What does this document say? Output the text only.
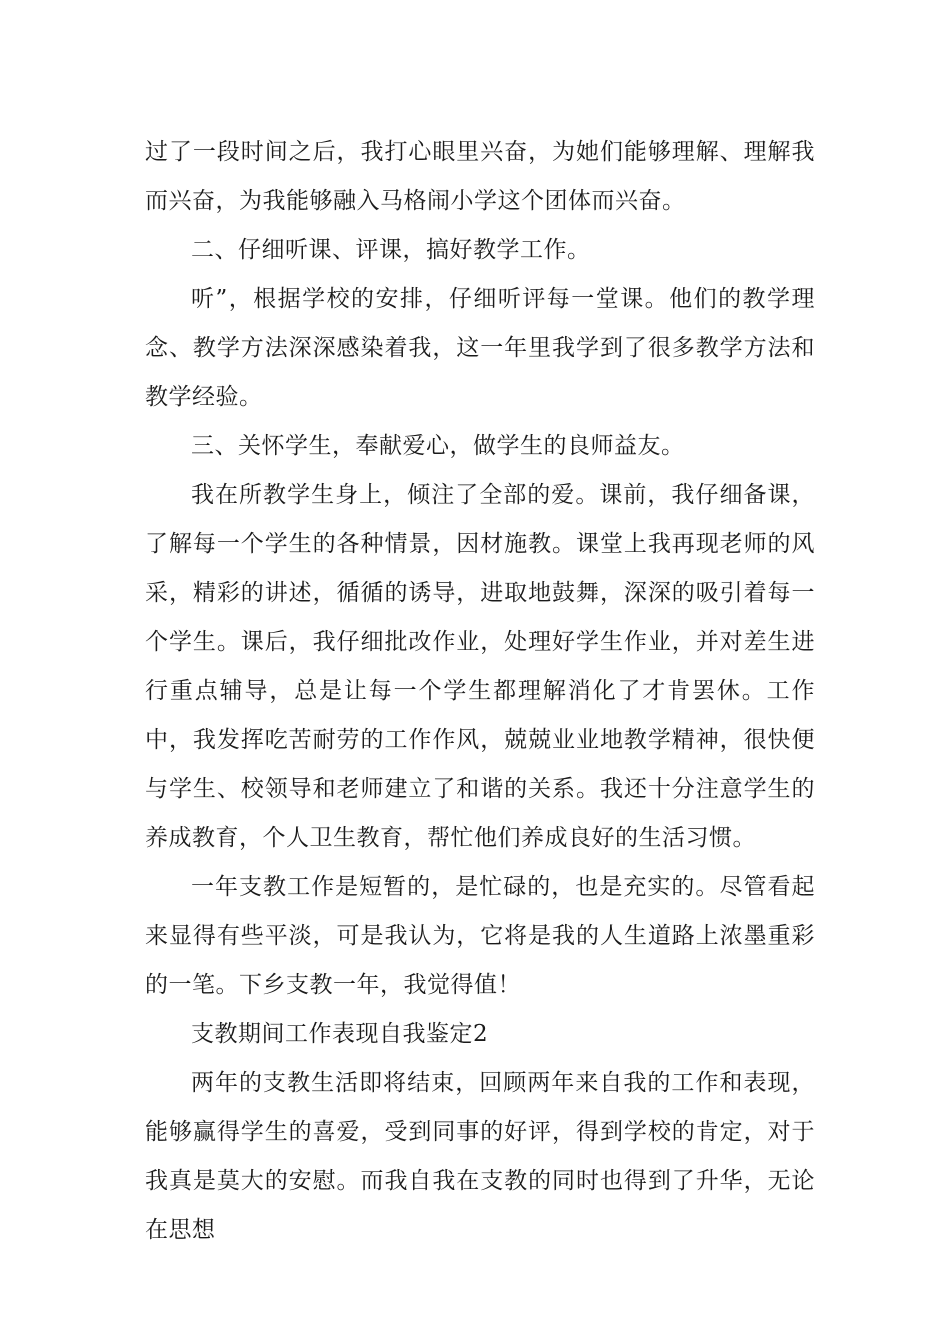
过了一段时间之后，我打心眼里兴奋，为她们能够理解、理解我而兴奋，为我能够融入马格闹小学这个团体而兴奋。

二、仔细听课、评课，搞好教学工作。

听”，根据学校的安排，仔细听评每一堂课。他们的教学理念、教学方法深深感染着我，这一年里我学到了很多教学方法和教学经验。

三、关怀学生，奉献爱心，做学生的良师益友。

我在所教学生身上，倾注了全部的爱。课前，我仔细备课，了解每一个学生的各种情景，因材施教。课堂上我再现老师的风采，精彩的讲述，循循的诱导，进取地鼓舞，深深的吸引着每一个学生。课后，我仔细批改作业，处理好学生作业，并对差生进行重点辅导，总是让每一个学生都理解消化了才肯罢休。工作中，我发挥吃苦耐劳的工作作风，兢兢业业地教学精神，很快便与学生、校领导和老师建立了和谐的关系。我还十分注意学生的养成教育，个人卫生教育，帮忙他们养成良好的生活习惯。

一年支教工作是短暂的，是忙碌的，也是充实的。尽管看起来显得有些平淡，可是我认为，它将是我的人生道路上浓墨重彩的一笔。下乡支教一年，我觉得值！

支教期间工作表现自我鉴定2

两年的支教生活即将结束，回顾两年来自我的工作和表现，能够赢得学生的喜爱，受到同事的好评，得到学校的肯定，对于我真是莫大的安慰。而我自我在支教的同时也得到了升华，无论在思想
